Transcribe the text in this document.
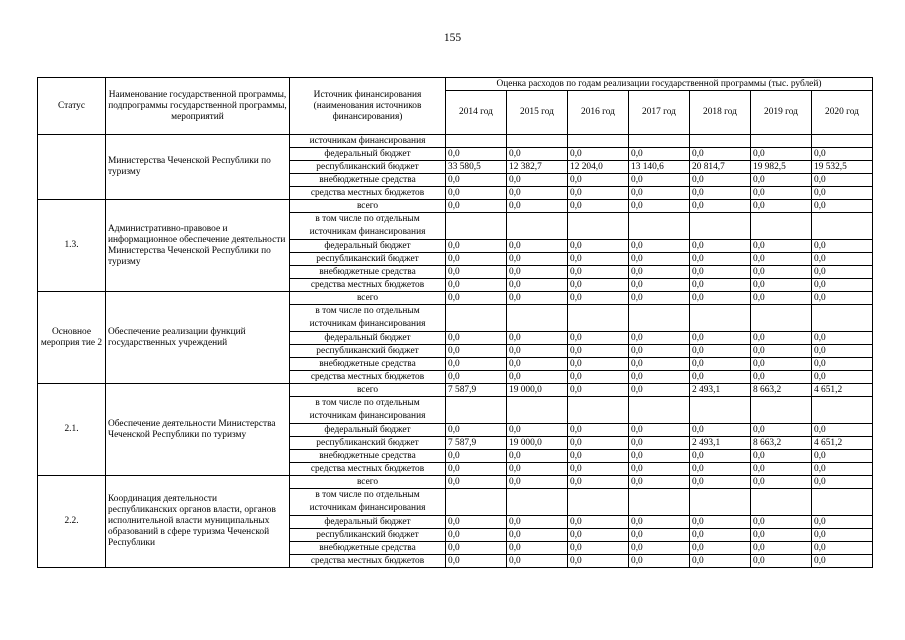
155
Статус	Наименование государственной программы, подпрограммы государственной программы, мероприятий	Источник финансирования (наименования источников финансирования)	Оценка расходов по годам реализации государственной программы (тыс. рублей)						
			2014 год	2015 год	2016 год	2017 год	2018 год	2019 год	2020 год
	Министерства Чеченской Республики по туризму	источникам финансирования							
		федеральный бюджет	0,0	0,0	0,0	0,0	0,0	0,0	0,0
		республиканский бюджет	33 580,5	12 382,7	12 204,0	13 140,6	20 814,7	19 982,5	19 532,5
		внебюджетные средства	0,0	0,0	0,0	0,0	0,0	0,0	0,0
		средства местных бюджетов	0,0	0,0	0,0	0,0	0,0	0,0	0,0
1.3.	Административно-правовое и информационное обеспечение деятельности Министерства Чеченской Республики по туризму	всего	0,0	0,0	0,0	0,0	0,0	0,0	0,0
		в том числе по отдельным источникам финансирования							
		федеральный бюджет	0,0	0,0	0,0	0,0	0,0	0,0	0,0
		республиканский бюджет	0,0	0,0	0,0	0,0	0,0	0,0	0,0
		внебюджетные средства	0,0	0,0	0,0	0,0	0,0	0,0	0,0
		средства местных бюджетов	0,0	0,0	0,0	0,0	0,0	0,0	0,0
Основное мероприя тие 2	Обеспечение реализации функций государственных учреждений	всего	0,0	0,0	0,0	0,0	0,0	0,0	0,0
		в том числе по отдельным источникам финансирования							
		федеральный бюджет	0,0	0,0	0,0	0,0	0,0	0,0	0,0
		республиканский бюджет	0,0	0,0	0,0	0,0	0,0	0,0	0,0
		внебюджетные средства	0,0	0,0	0,0	0,0	0,0	0,0	0,0
		средства местных бюджетов	0,0	0,0	0,0	0,0	0,0	0,0	0,0
2.1.	Обеспечение деятельности Министерства Чеченской Республики по туризму	всего	7 587,9	19 000,0	0,0	0,0	2 493,1	8 663,2	4 651,2
		в том числе по отдельным источникам финансирования							
		федеральный бюджет	0,0	0,0	0,0	0,0	0,0	0,0	0,0
		республиканский бюджет	7 587,9	19 000,0	0,0	0,0	2 493,1	8 663,2	4 651,2
		внебюджетные средства	0,0	0,0	0,0	0,0	0,0	0,0	0,0
		средства местных бюджетов	0,0	0,0	0,0	0,0	0,0	0,0	0,0
2.2.	Координация деятельности республиканских органов власти, органов исполнительной власти муниципальных образований в сфере туризма Чеченской Республики	всего	0,0	0,0	0,0	0,0	0,0	0,0	0,0
		в том числе по отдельным источникам финансирования							
		федеральный бюджет	0,0	0,0	0,0	0,0	0,0	0,0	0,0
		республиканский бюджет	0,0	0,0	0,0	0,0	0,0	0,0	0,0
		внебюджетные средства	0,0	0,0	0,0	0,0	0,0	0,0	0,0
		средства местных бюджетов	0,0	0,0	0,0	0,0	0,0	0,0	0,0
